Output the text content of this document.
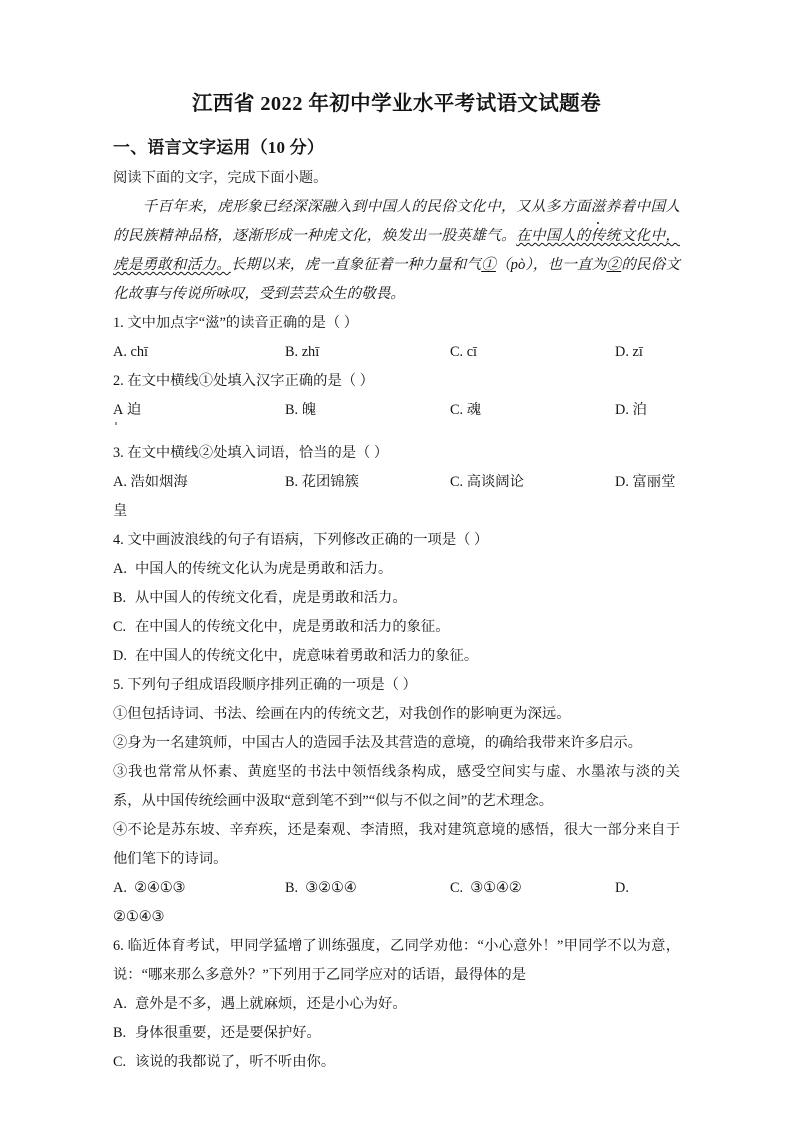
江西省 2022 年初中学业水平考试语文试题卷
一、语言文字运用（10 分）

阅读下面的文字，完成下面小题。

千百年来，虎形象已经深深融入到中国人的民俗文化中，又从多方面滋养着中国人的民族精神品格，逐渐形成一种虎文化，焕发出一股英雄气。在中国人的传统文化中，虎是勇敢和活力。长期以来，虎一直象征着一种力量和气①（pò），也一直为②的民俗文化故事与传说所咏叹，受到芸芸众生的敬畏。

1. 文中加点字“滋”的读音正确的是（ ）

A. chī	B. zhī	C. cī	D. zī

2. 在文中横线①处填入汉字正确的是（ ）

A 迫	B. 魄	C. 魂	D. 泊

3. 在文中横线②处填入词语，恰当的是（ ）

A. 浩如烟海	B. 花团锦簇	C. 高谈阔论	D. 富丽堂

皇

4. 文中画波浪线的句子有语病，下列修改正确的一项是（ ）

A. 中国人的传统文化认为虎是勇敢和活力。

B. 从中国人的传统文化看，虎是勇敢和活力。

C. 在中国人的传统文化中，虎是勇敢和活力的象征。

D. 在中国人的传统文化中，虎意味着勇敢和活力的象征。

5. 下列句子组成语段顺序排列正确的一项是（ ）

①但包括诗词、书法、绘画在内的传统文艺，对我创作的影响更为深远。

②身为一名建筑师，中国古人的造园手法及其营造的意境，的确给我带来许多启示。

③我也常常从怀素、黄庭坚的书法中领悟线条构成，感受空间实与虚、水墨浓与淡的关系，从中国传统绘画中汲取“意到笔不到”“似与不似之间”的艺术理念。

④不论是苏东坡、辛弃疾，还是秦观、李清照，我对建筑意境的感悟，很大一部分来自于他们笔下的诗词。

A. ②④①③	B. ③②①④	C. ③①④②	D.

②①④③

6. 临近体育考试，甲同学猛增了训练强度，乙同学劝他：“小心意外！”甲同学不以为意，说：“哪来那么多意外？”下列用于乙同学应对的话语，最得体的是

A. 意外是不多，遇上就麻烦，还是小心为好。

B. 身体很重要，还是要保护好。

C. 该说的我都说了，听不听由你。
